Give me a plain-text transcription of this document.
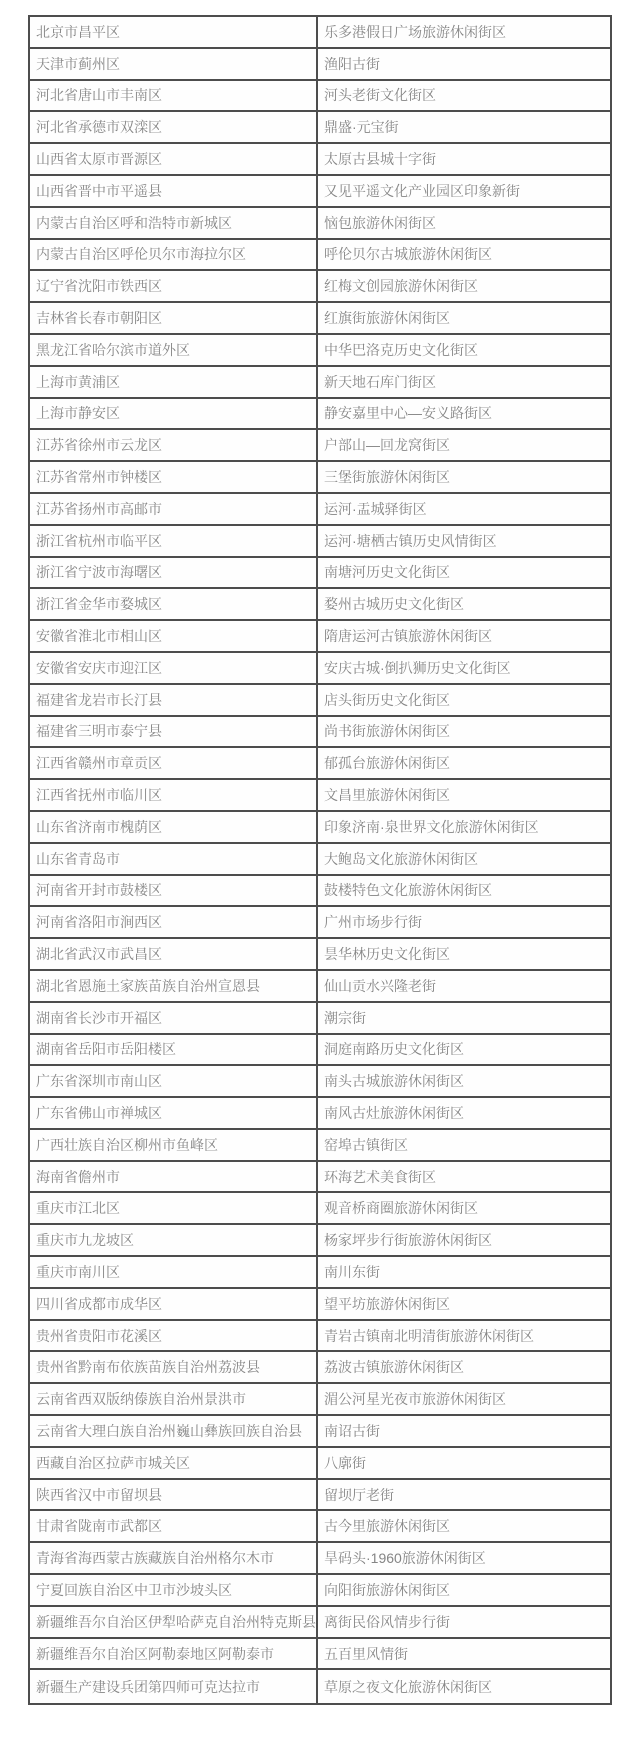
北京市昌平区	乐多港假日广场旅游休闲街区
天津市蓟州区	渔阳古街
河北省唐山市丰南区	河头老街文化街区
河北省承德市双滦区	鼎盛·元宝街
山西省太原市晋源区	太原古县城十字街
山西省晋中市平遥县	又见平遥文化产业园区印象新街
内蒙古自治区呼和浩特市新城区	恼包旅游休闲街区
内蒙古自治区呼伦贝尔市海拉尔区	呼伦贝尔古城旅游休闲街区
辽宁省沈阳市铁西区	红梅文创园旅游休闲街区
吉林省长春市朝阳区	红旗街旅游休闲街区
黑龙江省哈尔滨市道外区	中华巴洛克历史文化街区
上海市黄浦区	新天地石库门街区
上海市静安区	静安嘉里中心—安义路街区
江苏省徐州市云龙区	户部山—回龙窝街区
江苏省常州市钟楼区	三堡街旅游休闲街区
江苏省扬州市高邮市	运河·盂城驿街区
浙江省杭州市临平区	运河·塘栖古镇历史风情街区
浙江省宁波市海曙区	南塘河历史文化街区
浙江省金华市婺城区	婺州古城历史文化街区
安徽省淮北市相山区	隋唐运河古镇旅游休闲街区
安徽省安庆市迎江区	安庆古城·倒扒狮历史文化街区
福建省龙岩市长汀县	店头街历史文化街区
福建省三明市泰宁县	尚书街旅游休闲街区
江西省赣州市章贡区	郁孤台旅游休闲街区
江西省抚州市临川区	文昌里旅游休闲街区
山东省济南市槐荫区	印象济南·泉世界文化旅游休闲街区
山东省青岛市	大鲍岛文化旅游休闲街区
河南省开封市鼓楼区	鼓楼特色文化旅游休闲街区
河南省洛阳市涧西区	广州市场步行街
湖北省武汉市武昌区	昙华林历史文化街区
湖北省恩施土家族苗族自治州宣恩县	仙山贡水兴隆老街
湖南省长沙市开福区	潮宗街
湖南省岳阳市岳阳楼区	洞庭南路历史文化街区
广东省深圳市南山区	南头古城旅游休闲街区
广东省佛山市禅城区	南风古灶旅游休闲街区
广西壮族自治区柳州市鱼峰区	窑埠古镇街区
海南省儋州市	环海艺术美食街区
重庆市江北区	观音桥商圈旅游休闲街区
重庆市九龙坡区	杨家坪步行街旅游休闲街区
重庆市南川区	南川东街
四川省成都市成华区	望平坊旅游休闲街区
贵州省贵阳市花溪区	青岩古镇南北明清街旅游休闲街区
贵州省黔南布依族苗族自治州荔波县	荔波古镇旅游休闲街区
云南省西双版纳傣族自治州景洪市	湄公河星光夜市旅游休闲街区
云南省大理白族自治州巍山彝族回族自治县	南诏古街
西藏自治区拉萨市城关区	八廓街
陕西省汉中市留坝县	留坝厅老街
甘肃省陇南市武都区	古今里旅游休闲街区
青海省海西蒙古族藏族自治州格尔木市	旱码头·1960旅游休闲街区
宁夏回族自治区中卫市沙坡头区	向阳街旅游休闲街区
新疆维吾尔自治区伊犁哈萨克自治州特克斯县 离街民俗风情步行街
新疆维吾尔自治区阿勒泰地区阿勒泰市	五百里风情街
新疆生产建设兵团第四师可克达拉市	草原之夜文化旅游休闲街区
